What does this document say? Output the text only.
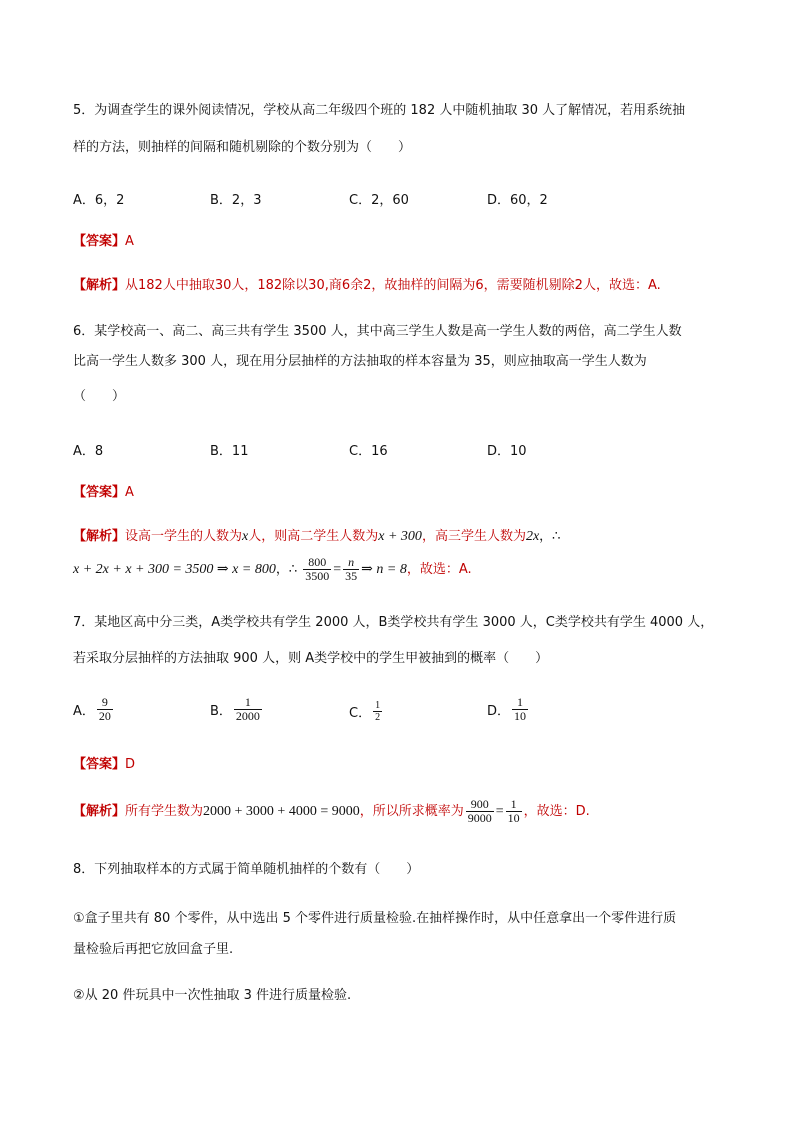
5．为调查学生的课外阅读情况，学校从高二年级四个班的 182 人中随机抽取 30 人了解情况，若用系统抽
样的方法，则抽样的间隔和随机剔除的个数分别为（　　）
A．6，2	B．2，3	C．2，60	D．60，2
【答案】A
【解析】从182人中抽取30人，182除以30,商6余2，故抽样的间隔为6，需要随机剔除2人，故选：A.
6．某学校高一、高二、高三共有学生 3500 人，其中高三学生人数是高一学生人数的两倍，高二学生人数
比高一学生人数多 300 人，现在用分层抽样的方法抽取的样本容量为 35，则应抽取高一学生人数为
（　　）
A．8	B．11	C．16	D．10
【答案】A
【解析】设高一学生的人数为x人，则高二学生人数为x + 300，高三学生人数为2x，∴
x + 2x + x + 300 = 3500 ⇒ x = 800，∴ $\frac{800}{3500} = \frac{n}{35}$ ⇒ n = 8，故选：A.
7．某地区高中分三类，A类学校共有学生 2000 人，B类学校共有学生 3000 人，C类学校共有学生 4000 人，
若采取分层抽样的方法抽取 900 人，则 A类学校中的学生甲被抽到的概率（　　）
A． $\frac{9}{20}$	B． $\frac{1}{2000}$	C． $\frac{1}{2}$	D． $\frac{1}{10}$
【答案】D
【解析】所有学生数为2000 + 3000 + 4000 = 9000，所以所求概率为 $\frac{900}{9000} = \frac{1}{10}$ ，故选：D.
8．下列抽取样本的方式属于简单随机抽样的个数有（　　）
①盒子里共有 80 个零件，从中选出 5 个零件进行质量检验.在抽样操作时，从中任意拿出一个零件进行质
量检验后再把它放回盒子里.
②从 20 件玩具中一次性抽取 3 件进行质量检验.
